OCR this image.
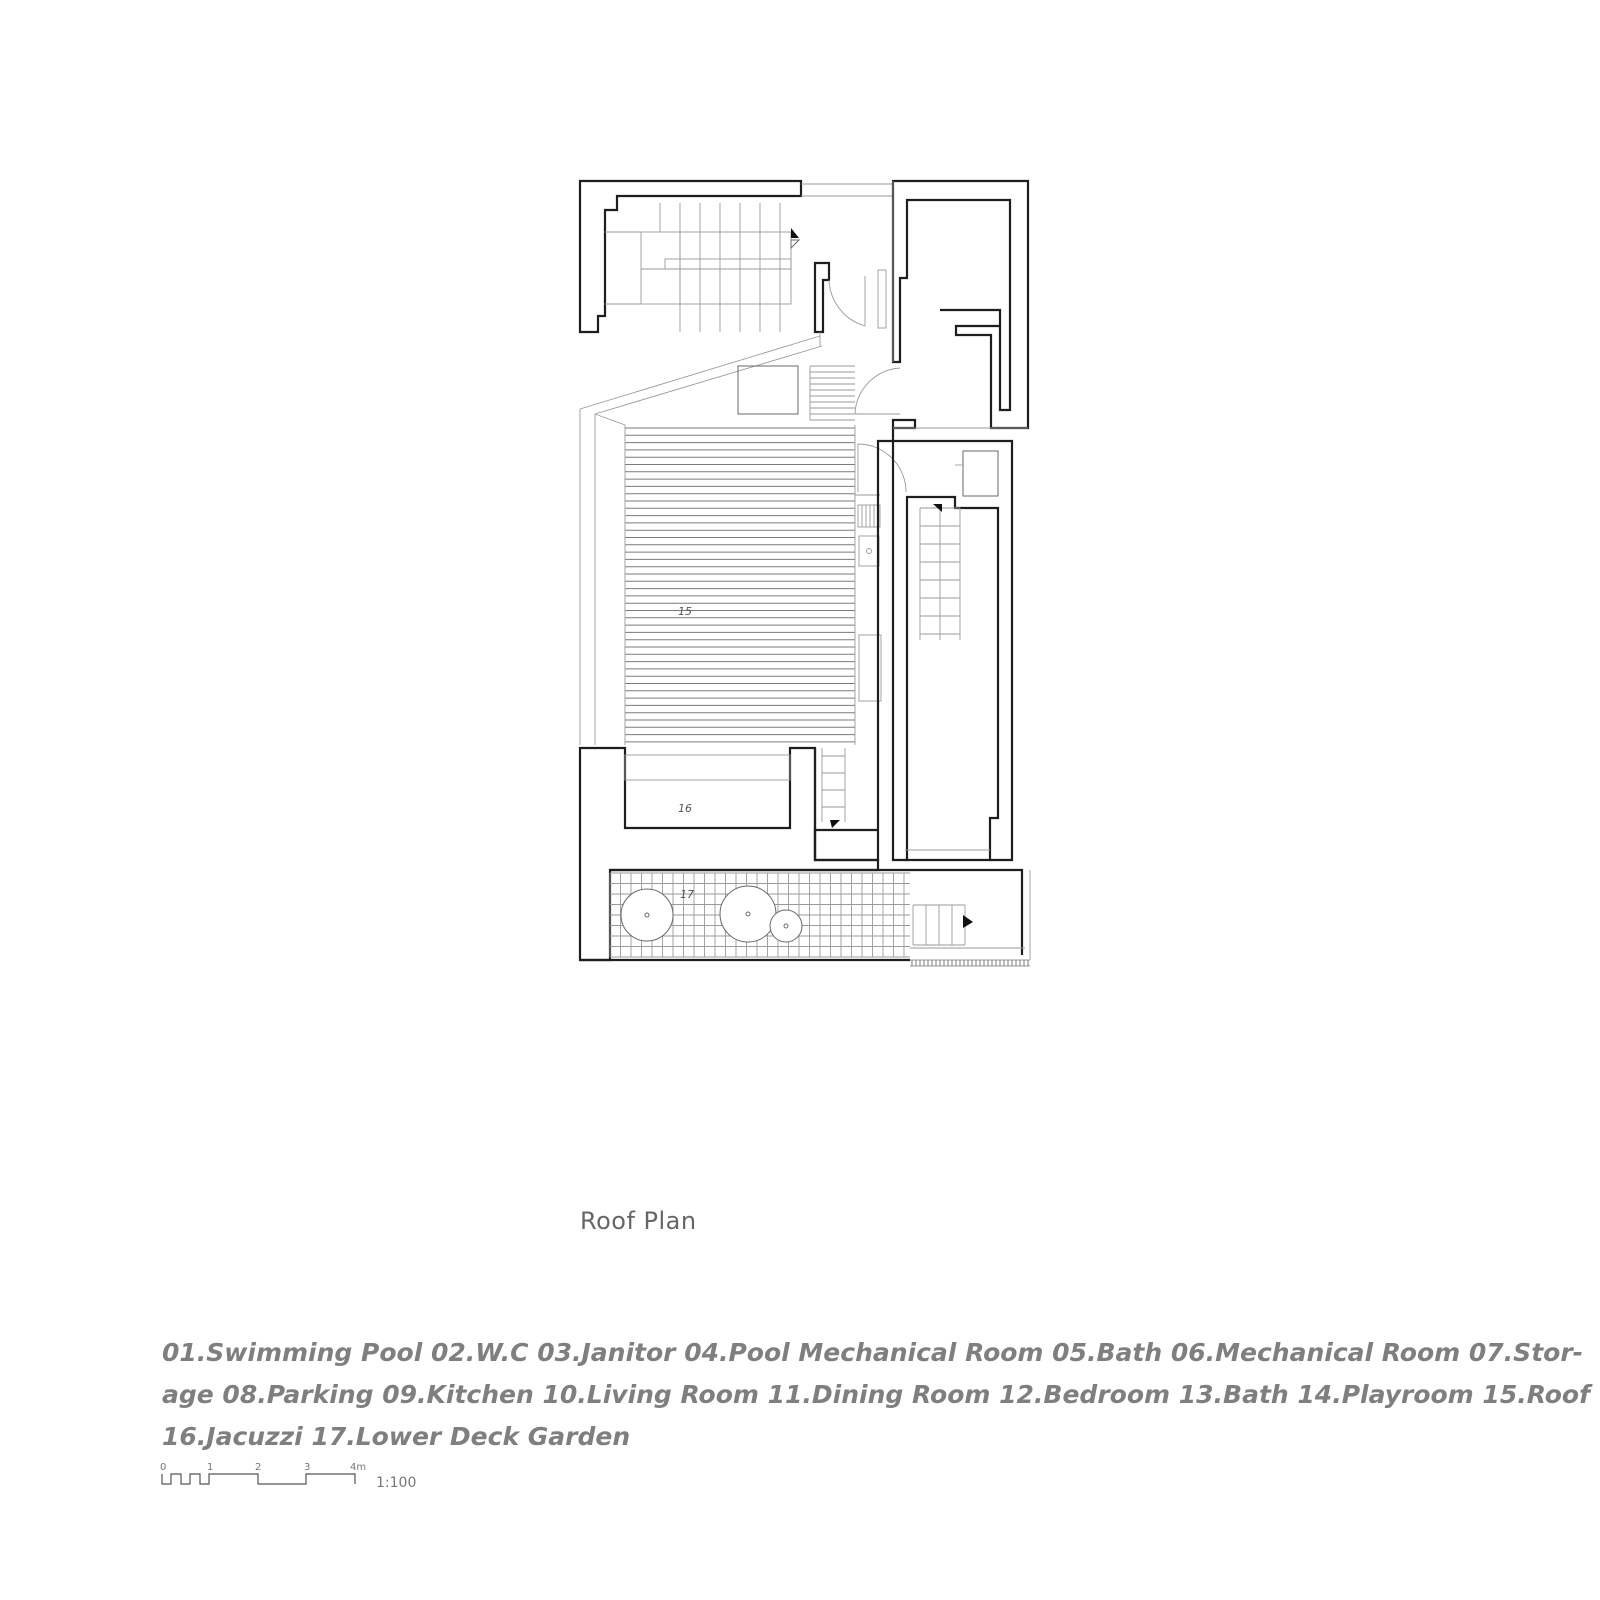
15
16
17
0	1	2	3	4m
1:100
Roof Plan
01.Swimming Pool 02.W.C 03.Janitor 04.Pool Mechanical Room 05.Bath 06.Mechanical Room 07.Stor-
age 08.Parking 09.Kitchen 10.Living Room 11.Dining Room 12.Bedroom 13.Bath 14.Playroom 15.Roof
16.Jacuzzi 17.Lower Deck Garden
